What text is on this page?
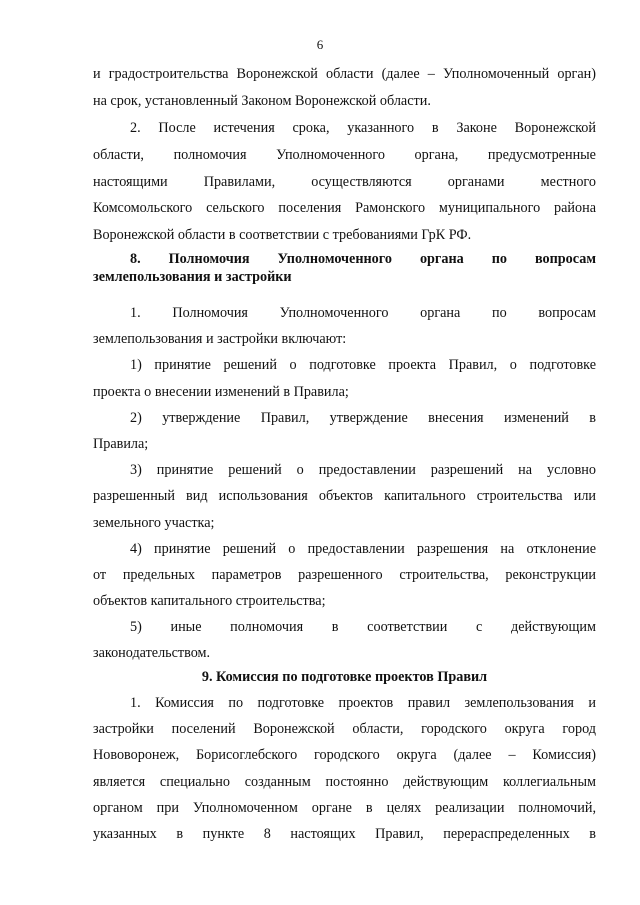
6
и градостроительства Воронежской области (далее – Уполномоченный орган)
на срок, установленный Законом Воронежской области.
2. После истечения срока, указанного в Законе Воронежской
области, полномочия Уполномоченного органа, предусмотренные
настоящими Правилами, осуществляются органами местного
Комсомольского сельского поселения Рамонского муниципального района
Воронежской области в соответствии с требованиями ГрК РФ.
8. Полномочия Уполномоченного органа по вопросам
землепользования и застройки
1. Полномочия Уполномоченного органа по вопросам
землепользования и застройки включают:
1) принятие решений о подготовке проекта Правил, о подготовке
проекта о внесении изменений в Правила;
2) утверждение Правил, утверждение внесения изменений в
Правила;
3) принятие решений о предоставлении разрешений на условно
разрешенный вид использования объектов капитального строительства или
земельного участка;
4) принятие решений о предоставлении разрешения на отклонение
от предельных параметров разрешенного строительства, реконструкции
объектов капитального строительства;
5) иные полномочия в соответствии с действующим
законодательством.
9. Комиссия по подготовке проектов Правил
1. Комиссия по подготовке проектов правил землепользования и
застройки поселений Воронежской области, городского округа город
Нововоронеж, Борисоглебского городского округа (далее – Комиссия)
является специально созданным постоянно действующим коллегиальным
органом при Уполномоченном органе в целях реализации полномочий,
указанных в пункте 8 настоящих Правил, перераспределенных в
